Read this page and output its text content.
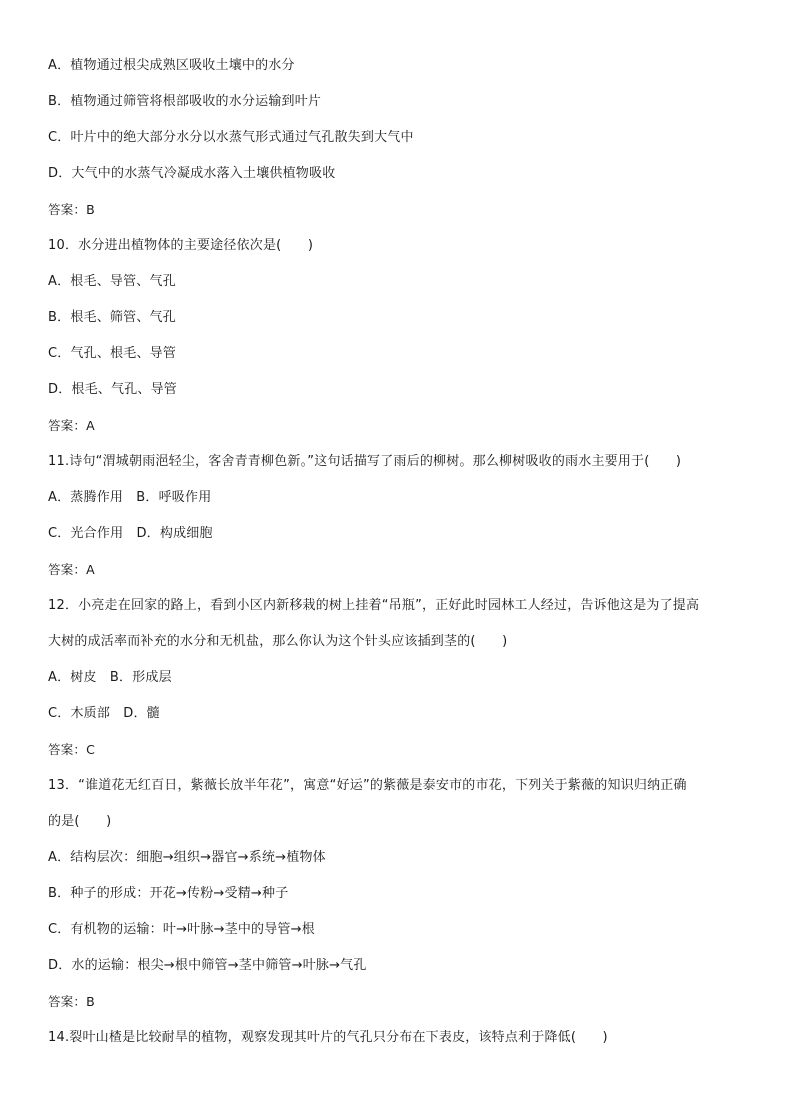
A．植物通过根尖成熟区吸收土壤中的水分
B．植物通过筛管将根部吸收的水分运输到叶片
C．叶片中的绝大部分水分以水蒸气形式通过气孔散失到大气中
D．大气中的水蒸气冷凝成水落入土壤供植物吸收
答案：B
10．水分进出植物体的主要途径依次是(　　)
A．根毛、导管、气孔
B．根毛、筛管、气孔
C．气孔、根毛、导管
D．根毛、气孔、导管
答案：A
11.诗句“渭城朝雨浥轻尘，客舍青青柳色新。”这句话描写了雨后的柳树。那么柳树吸收的雨水主要用于(　　)
A．蒸腾作用　B．呼吸作用
C．光合作用　D．构成细胞
答案：A
12．小亮走在回家的路上，看到小区内新移栽的树上挂着“吊瓶”，正好此时园林工人经过，告诉他这是为了提高
大树的成活率而补充的水分和无机盐，那么你认为这个针头应该插到茎的(　　)
A．树皮　B．形成层
C．木质部　D．髓
答案：C
13．“谁道花无红百日，紫薇长放半年花”，寓意“好运”的紫薇是泰安市的市花，下列关于紫薇的知识归纳正确
的是(　　)
A．结构层次：细胞→组织→器官→系统→植物体
B．种子的形成：开花→传粉→受精→种子
C．有机物的运输：叶→叶脉→茎中的导管→根
D．水的运输：根尖→根中筛管→茎中筛管→叶脉→气孔
答案：B
14.裂叶山楂是比较耐旱的植物，观察发现其叶片的气孔只分布在下表皮，该特点利于降低(　　)
